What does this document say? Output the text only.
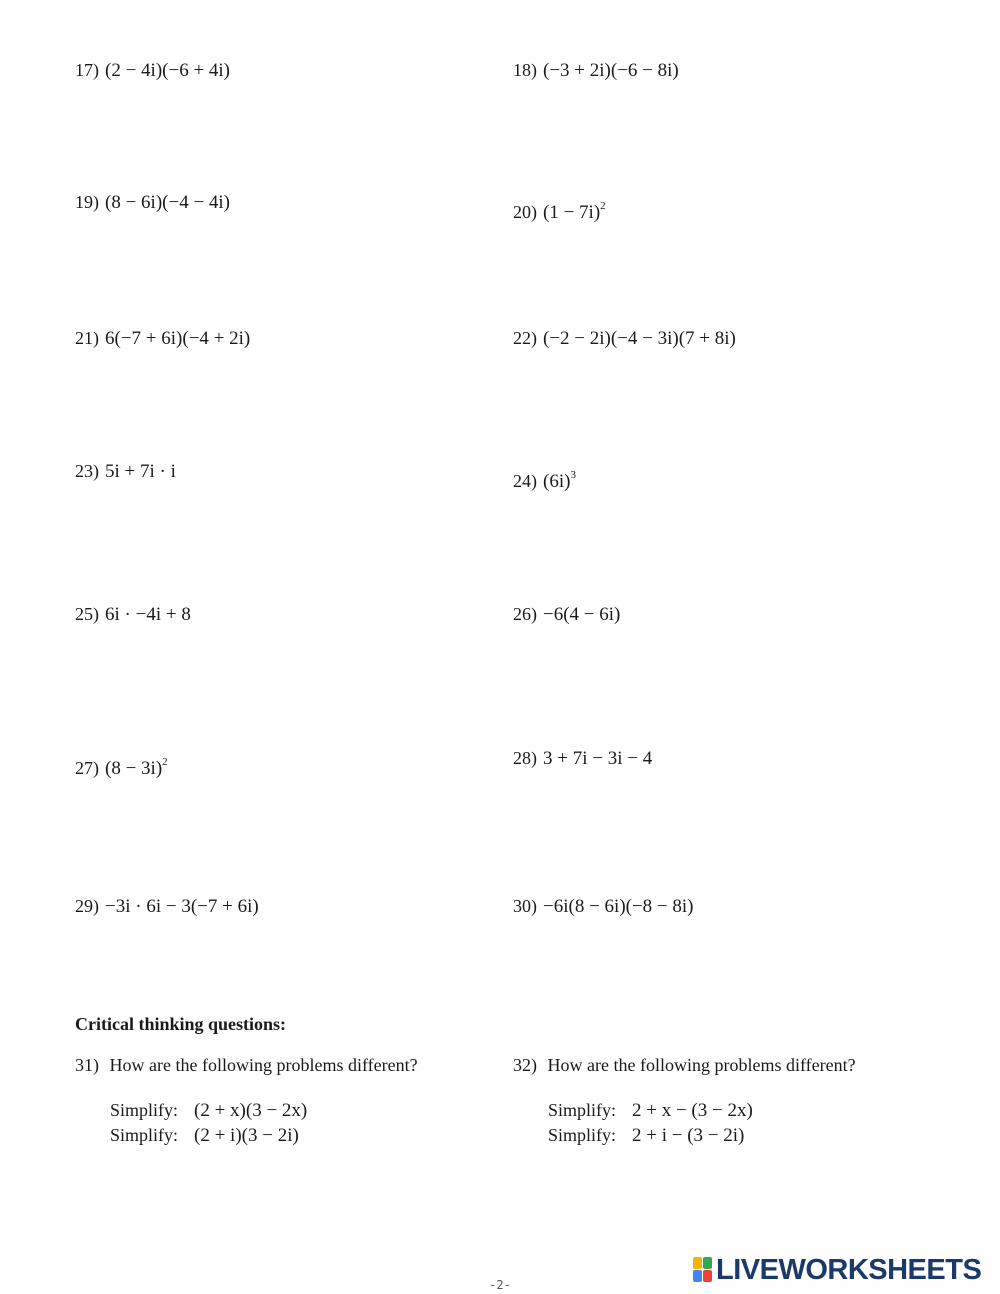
17) (2 − 4i)(−6 + 4i)	18) (−3 + 2i)(−6 − 8i)
19) (8 − 6i)(−4 − 4i)	20) $(1 - 7i)^2$
21) 6(−7 + 6i)(−4 + 2i)	22) (−2 − 2i)(−4 − 3i)(7 + 8i)
23) 5i + 7i · i	24) $(6i)^3$
25) 6i · −4i + 8	26) −6(4 − 6i)
27) $(8 - 3i)^2$	28) 3 + 7i − 3i − 4
29) −3i · 6i − 3(−7 + 6i)	30) −6i(8 − 6i)(−8 − 8i)
Critical thinking questions:
31) How are the following problems different?
Simplify: (2 + x)(3 − 2x)
Simplify: (2 + i)(3 − 2i)
32) How are the following problems different?
Simplify: 2 + x − (3 − 2x)
Simplify: 2 + i − (3 − 2i)
LIVEWORKSHEETS
-2-
